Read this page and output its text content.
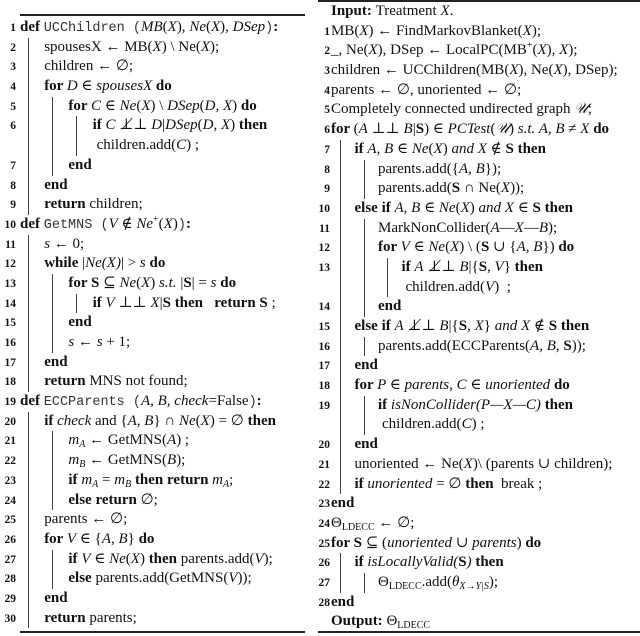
1 def UCChildren (MB(X), Ne(X), DSep):
2 spousesX ← MB(X) \ Ne(X);
3 children ← ∅;
4 for D ∈ spousesX do
5	for C ∈ Ne(X) \ DSep(D, X) do
6	if C ⊥̸⊥ D|DSep(D, X) then
children.add(C) ;
7	end
8 end
9 return children;
10 def GetMNS (V ∉ Ne+(X)):
11 s ← 0;
12 while |Ne(X)| > s do
13	for S ⊆ Ne(X) s.t. |S| = s do
14	if V ⊥⊥ X|S then   return S ;
15	end
16	s ← s + 1;
17 end
18 return MNS not found;
19 def ECCParents (A, B, check=False):
20 if check and {A, B} ∩ Ne(X) = ∅ then
21	$m_A$ ← GetMNS(A) ;
22	$m_B$ ← GetMNS(B);
23	if $m_A = m_B$ then return $m_A$;
24	else return ∅;
25 parents ← ∅;
26 for V ∈ {A, B} do
27	if V ∈ Ne(X) then parents.add(V);
28	else parents.add(GetMNS(V));
29 end
30 return parents;
Input: Treatment X.
1 MB(X) ← FindMarkovBlanket(X);
2 _, Ne(X), DSep ← LocalPC(MB+(X), X);
3 children ← UCChildren(MB(X), Ne(X), DSep);
4 parents ← ∅, unoriented ← ∅;
5 Completely connected undirected graph 𝒰;
6 for (A ⊥⊥ B|S) ∈ PCTest(𝒰) s.t. A, B ≠ X do
7 if A, B ∈ Ne(X) and X ∉ S then
8	parents.add({A, B});
9	parents.add(S ∩ Ne(X));
10 else if A, B ∈ Ne(X) and X ∈ S then
11	MarkNonCollider(A—X—B);
12	for V ∈ Ne(X) \ (S ∪ {A, B}) do
13	if A ⊥̸⊥ B|{S, V} then
children.add(V)  ;
14	end
15 else if A ⊥̸⊥ B|{S, X} and X ∉ S then
16	parents.add(ECCParents(A, B, S));
17 end
18 for P ∈ parents, C ∈ unoriented do
19	if isNonCollider(P—X—C) then
children.add(C) ;
20 end
21 unoriented ← Ne(X)\ (parents ∪ children);
22 if unoriented = ∅ then  break ;
23 end
24 $\Theta_{LDECC}$ ← ∅;
25 for S ⊆ (unoriented ∪ parents) do
26 if isLocallyValid(S) then
27	$\Theta_{LDECC}.add(\theta_{X\to Y|S})$;
28 end
Output: $\Theta_{LDECC}$
